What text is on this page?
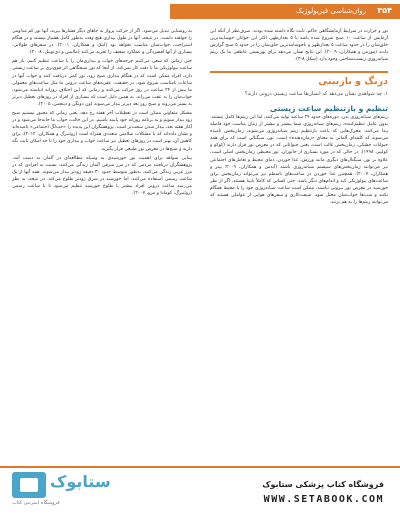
روان‌شناسی فیزیولوژیک ۳۵۴

نور و حرارت در شرایط آزمایشگاهی حاکم، ثابت نگاه داشته شده بودند. صرف‌نظر از آنکه این آزمایش از ساعت ۱۰ صبح شروع شده باشد یا ۵ بعدازظهر، اکثر این جوانان خوشایندترین خلق‌شان را در حدود ساعت ۵ بعدازظهر و ناخوشایندترین خلق‌شان را در حدود ۵ صبح گزارش دادند (مورمن و همکاران، ۲۰۰۹). این نتایج نشان می‌دهد برای بهزیستی عاطفی ما یک ریتم شبانه‌روزی زیست‌شناختی وجود دارد (شکل ۸-۳).

درنگ و بازبینی

۱. چه شواهدی نشان می‌دهد که انسان‌ها ساعت زیستی درونی دارند؟

تنظیم و بازتنظیم ساعت زیستی

ریتم‌های شبانه‌روزی بدن، دوره‌های حدود ۲۴ ساعته تولید می‌کنند، اما این ریتم‌ها کامل نیستند. بدون عامل تنظیم‌کننده، ریتم‌های شبانه‌روزی شما بیشتر و بیشتر از زمان مناسب خود فاصله پیدا می‌کنند. محرک‌هایی که باعث بازتنظیم ریتم شبانه‌روزی می‌شوند، زمان‌بخش نامیده می‌شوند که کلمه‌ای آلمانی به معنای «زمان‌دهنده» است. نور، سیگنالی است که برای همه حیوانات خشکی، زمان‌بخش غالب است، یعنی حیواناتی که در معرض نور قرار دارند (کوکو و کولینز، ۱۹۹۸). در حالی که در مورد بسیاری از جانوران، نور محیطی زمان‌بخش اصلی است، علاوه بر نور، سیگنال‌های دیگری مانند ورزش، غذا خوردن، دمای محیط و تعامل‌های اجتماعی نیز می‌توانند زمان‌بخش‌های سیستم شبانه‌روزی باشند (آیدمن و همکاران، ۲۰۰۹؛ پیتز و همکاران، ۲۰۰۷). همچنین غذا خوردن در ساعت‌های نامنظم نیز می‌تواند زمان‌بخش برای ساعت‌های بیولوژیکی کبد و اندام‌های دیگر باشد. حتی کسانی که کاملاً نابینا هستند، اگر از نظر خورشید در معرض نور بیرونی نباشند، ممکن است ساعت شبانه‌روزی خود را با محیط همگام نکنند و شب‌ها خواب‌شان مختل شود. شیفت‌کاری و سفرهای هوایی از عواملی هستند که می‌توانند ریتم‌ها را به هم بزنند.

به روشنایی تبدیل می‌شود. اگر از حرکت پرواز به جاهای دیگر فشارها بپرید، آنها نور کم مداومی را خواهند داشت. در نتیجه، آنها در طول بیداری هیچ وقت به‌طور کامل هشیار نیستند و در هنگام استراحت، خواب‌شان مناسب نخواهد بود (اینک و همکاران، ۲۰۰۱). در سفرهای طولانی، بسیاری از آنها افسردگی و عملکرد ضعیف را تجربه می‌کنند (مالیس و دی‌نوبیل، ۲۰۰۸).

حتی زمانی که سعی می‌کنیم چرخه‌های خواب و بیداری‌مان را با ساعت تنظیم کنیم، باز هم ساعت بیولوژیکی ما با دقت کار نمی‌کند. از آنجا که نور صبحگاهی اثر قوی‌تری بر ساعت زیستی دارد، افراد ممکن است که در هنگام بیداری صبح زود، نور کمی دریافت کنند و خواب آنها در ساعات نامناسب شروع شود. در حقیقت، عقربه‌های ساعت درونی ما مثل ساعت‌های معمولی ما بیش از ۲۴ ساعت در روز حرکت می‌کنند و زمانی که این اختلاف روزانه انباشته می‌شود، خواب‌مان را به عقب می‌راند. به همین دلیل است که بسیاری از افراد در روزهای تعطیل دیرتر به بستر می‌روند و صبح روز بعد دیرتر بیدار می‌شوند (ون دونگن و دینجس، ۲۰۰۵).

مشکل متفاوتی ممکن است در تعطیلات آخر هفته رخ دهد، یعنی زمانی که مجبور نیستیم صبح زود بیدار شویم و به برنامه روزانه خود پایبند باشیم. در این حالت، خواب ما جابه‌جا می‌شود و در آغاز هفته بعد، بیدار شدن سخت‌تر است. پژوهشگران این پدیده را «جت‌لگ اجتماعی» نامیده‌اند و نشان داده‌اند که با مشکلات سلامتی متعددی همراه است (روئنبرگ و همکاران، ۲۰۱۲). برای کاهش آن، بهتر است در روزهای تعطیل نیز ساعت خواب و بیداری خود را تا حد امکان ثابت نگه دارید و صبح‌ها در معرض نور طبیعی قرار بگیرید.

بینایی شواهد برای اهمیت نور خورشیدی به وسیله مطالعه‌ای در آلمان به دست آمد. پژوهشگران دریافتند مردمی که در مرز شرقی آلمان زندگی می‌کنند، نسبت به افرادی که در مرز غربی زندگی می‌کنند، به‌طور متوسط حدود ۳۰ دقیقه زودتر بیدار می‌شوند. همه آنها از یک ساعت رسمی استفاده می‌کنند، اما خورشید در شرق زودتر طلوع می‌کند. در نتیجه، به نظر می‌رسد ساعت درونی افراد بیشتر با طلوع خورشید تنظیم می‌شود تا با ساعت رسمی (روئنبرگ، کومادا و مرو، ۲۰۰۷).

ستابوک
فروشگاه اینترنتی کتاب
فروشگاه کتاب پزشکی ستابوک
WWW.SETABOOK.COM
